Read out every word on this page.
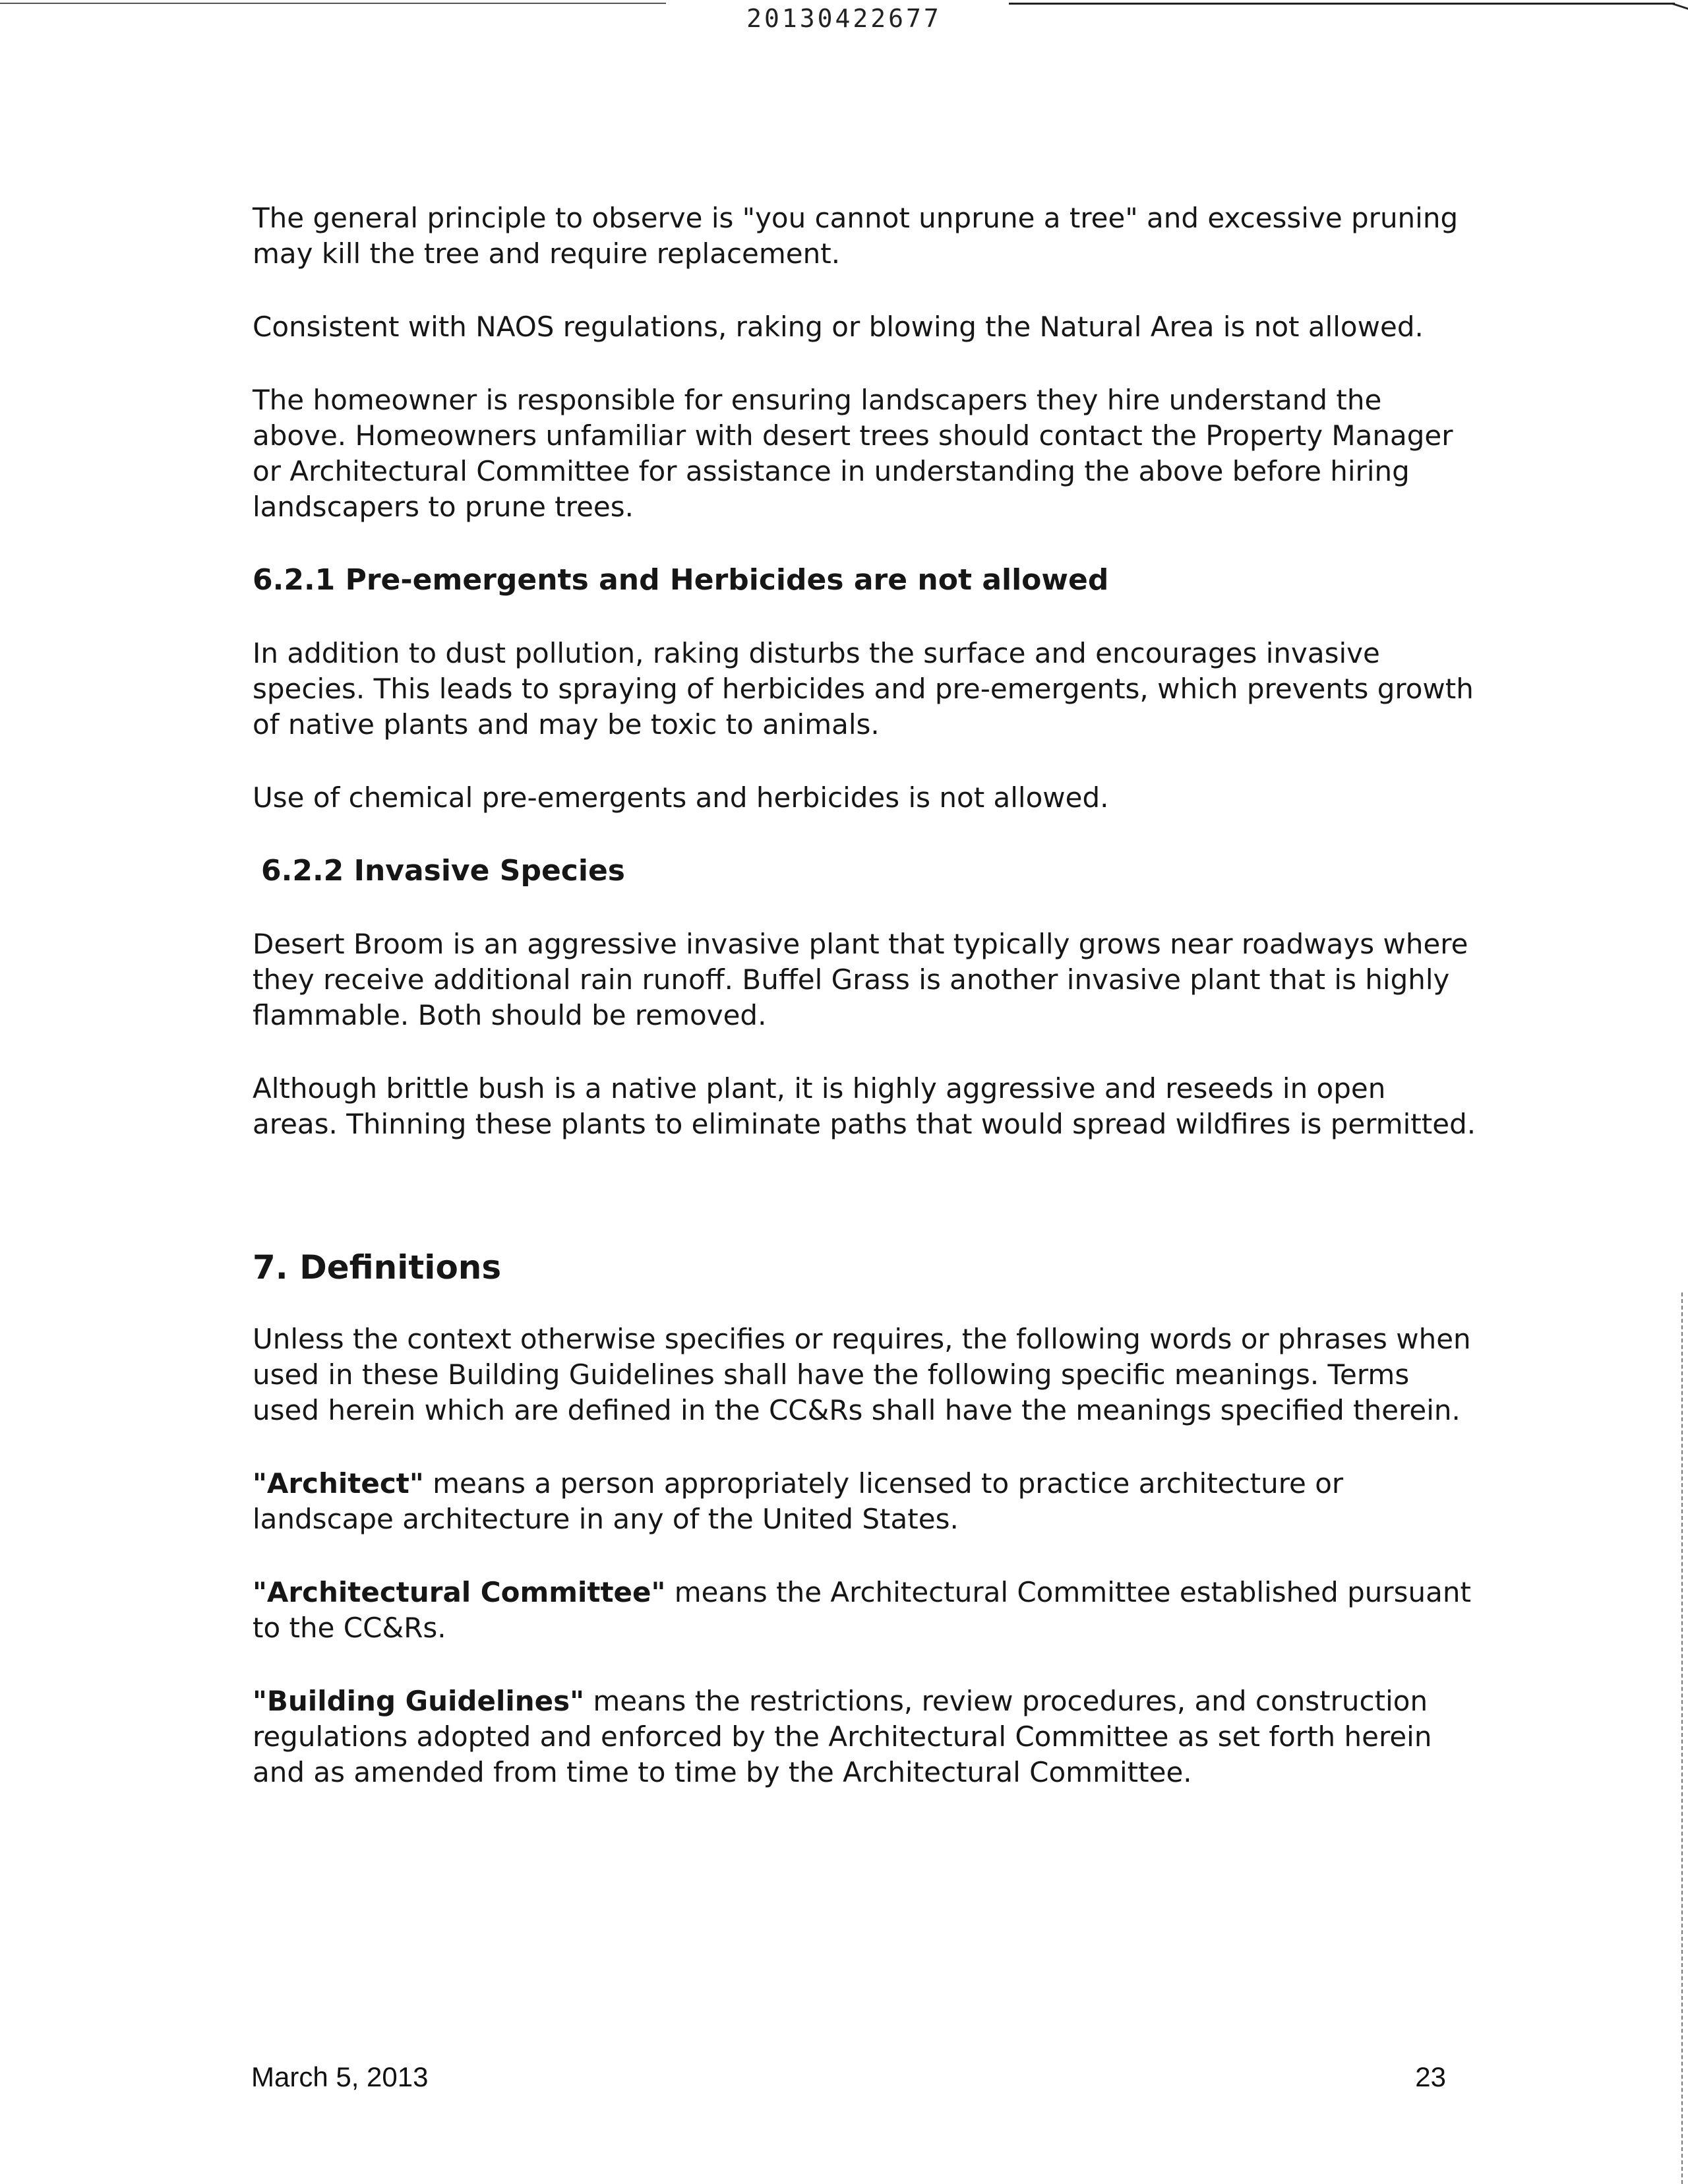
20130422677

The general principle to observe is "you cannot unprune a tree" and excessive pruning may kill the tree and require replacement.

Consistent with NAOS regulations, raking or blowing the Natural Area is not allowed.

The homeowner is responsible for ensuring landscapers they hire understand the above. Homeowners unfamiliar with desert trees should contact the Property Manager or Architectural Committee for assistance in understanding the above before hiring landscapers to prune trees.

6.2.1 Pre-emergents and Herbicides are not allowed

In addition to dust pollution, raking disturbs the surface and encourages invasive species. This leads to spraying of herbicides and pre-emergents, which prevents growth of native plants and may be toxic to animals.

Use of chemical pre-emergents and herbicides is not allowed.

6.2.2 Invasive Species

Desert Broom is an aggressive invasive plant that typically grows near roadways where they receive additional rain runoff. Buffel Grass is another invasive plant that is highly flammable. Both should be removed.

Although brittle bush is a native plant, it is highly aggressive and reseeds in open areas. Thinning these plants to eliminate paths that would spread wildfires is permitted.

7. Definitions

Unless the context otherwise specifies or requires, the following words or phrases when used in these Building Guidelines shall have the following specific meanings. Terms used herein which are defined in the CC&Rs shall have the meanings specified therein.

"Architect" means a person appropriately licensed to practice architecture or landscape architecture in any of the United States.

"Architectural Committee" means the Architectural Committee established pursuant to the CC&Rs.

"Building Guidelines" means the restrictions, review procedures, and construction regulations adopted and enforced by the Architectural Committee as set forth herein and as amended from time to time by the Architectural Committee.

March 5, 2013	23
